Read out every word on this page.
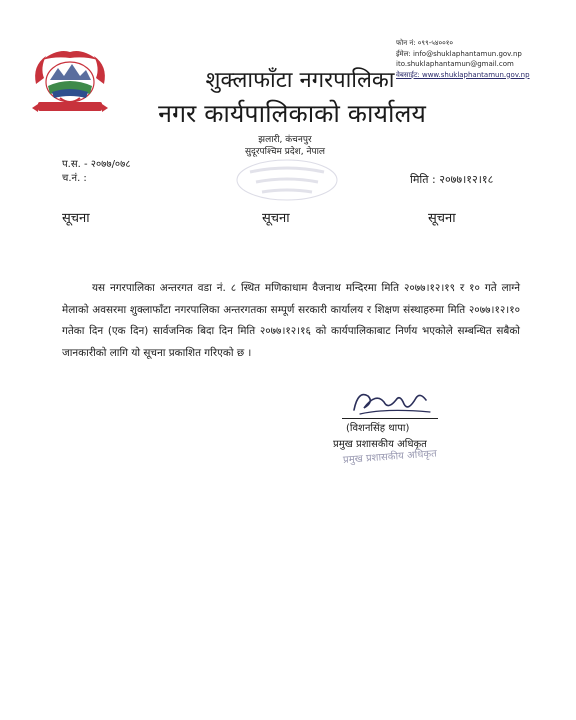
शुक्लाफाँटा नगरपालिका
नगर कार्यपालिकाको कार्यालय
फोन नं: ०९९-५४००१०
ईमेल: info@shuklaphantamun.gov.np
ito.shuklaphantamun@gmail.com
वेबसाईट: www.shuklaphantamun.gov.np
झलारी, कंचनपुर
सुदूरपश्चिम प्रदेश, नेपाल
प.स. - २०७७/०७८
च.नं. :	मिति : २०७७।१२।१८
सूचना	सूचना	सूचना
यस नगरपालिका अन्तरगत वडा नं. ८ स्थित मणिकाधाम वैजनाथ मन्दिरमा मिति २०७७।१२।१९ र १० गते लाग्ने मेलाको अवसरमा शुक्लाफाँटा नगरपालिका अन्तरगतका सम्पूर्ण सरकारी कार्यालय र शिक्षण संस्थाहरुमा मिति २०७७।१२।१० गतेका दिन (एक दिन) सार्वजनिक बिदा दिन मिति २०७७।१२।१६ को कार्यपालिकाबाट निर्णय भएकोले सम्बन्धित सबैको जानकारीको लागि यो सूचना प्रकाशित गरिएको छ ।
(विशनसिंह थापा)
प्रमुख प्रशासकीय अधिकृत
प्रमुख प्रशासकीय अधिकृत
